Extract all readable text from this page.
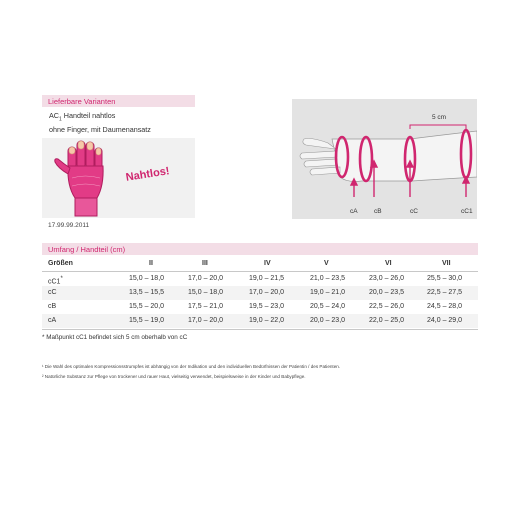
Lieferbare Varianten
$AC_1$ Handteil nahtlos
ohne Finger, mit Daumenansatz
Nahtlos!
17.99.99.2011
5 cm
cA	cB	cC	cC1
Umfang / Handteil (cm)
Größen	II	III	IV	V	VI	VII
cC1*	15,0 – 18,0	17,0 – 20,0	19,0 – 21,5	21,0 – 23,5	23,0 – 26,0	25,5 – 30,0
cC	13,5 – 15,5	15,0 – 18,0	17,0 – 20,0	19,0 – 21,0	20,0 – 23,5	22,5 – 27,5
cB	15,5 – 20,0	17,5 – 21,0	19,5 – 23,0	20,5 – 24,0	22,5 – 26,0	24,5 – 28,0
cA	15,5 – 19,0	17,0 – 20,0	19,0 – 22,0	20,0 – 23,0	22,0 – 25,0	24,0 – 29,0
* Maßpunkt cC1 befindet sich 5 cm oberhalb von cC
¹ Die Wahl des optimalen Kompressionsstrumpfes ist abhängig von der Indikation und den individuellen Bedürfnissen der Patientin / des Patienten.
² Natürliche Substanz zur Pflege von trockener und rauer Haut, vielseitig verwendet, beispielsweise in der Kinder und Babypflege.
